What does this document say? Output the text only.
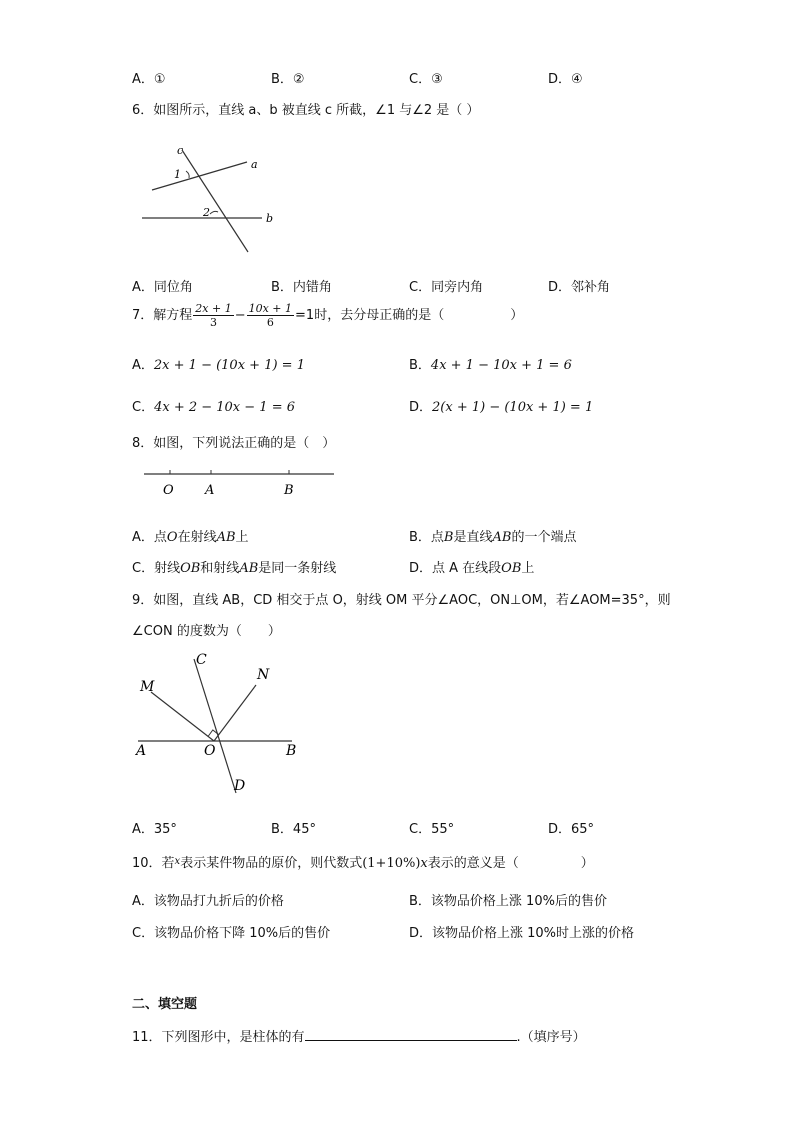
A．①	B．②	C．③	D．④
6．如图所示，直线 a、b 被直线 c 所截，∠1 与∠2 是（ ）
c
a
b
1
2
A．同位角	B．内错角	C．同旁内角	D．邻补角
7．解方程 $\frac{2x + 1}{3} - \frac{10x + 1}{6} =1$时，去分母正确的是（	）
A．2x + 1 − (10x + 1) = 1	B．4x + 1 − 10x + 1 = 6
C．4x + 2 − 10x − 1 = 6	D．2(x + 1) − (10x + 1) = 1
8．如图，下列说法正确的是（　）
O A	B
A．点O在射线AB上	B．点B是直线AB的一个端点
C．射线OB和射线AB是同一条射线	D．点 A 在线段OB上
9．如图，直线 AB，CD 相交于点 O，射线 OM 平分∠AOC，ON⊥OM，若∠AOM=35°，则
∠CON 的度数为（　　）
C
N
M
A	O	B
D
A．35°	B．45°	C．55°	D．65°
10．若$^x$表示某件物品的原价，则代数式(1+10%)x表示的意义是（	）
A．该物品打九折后的价格	B．该物品价格上涨 10%后的售价
C．该物品价格下降 10%后的售价	D．该物品价格上涨 10%时上涨的价格
二、填空题
11．下列图形中，是柱体的有	.（填序号）
